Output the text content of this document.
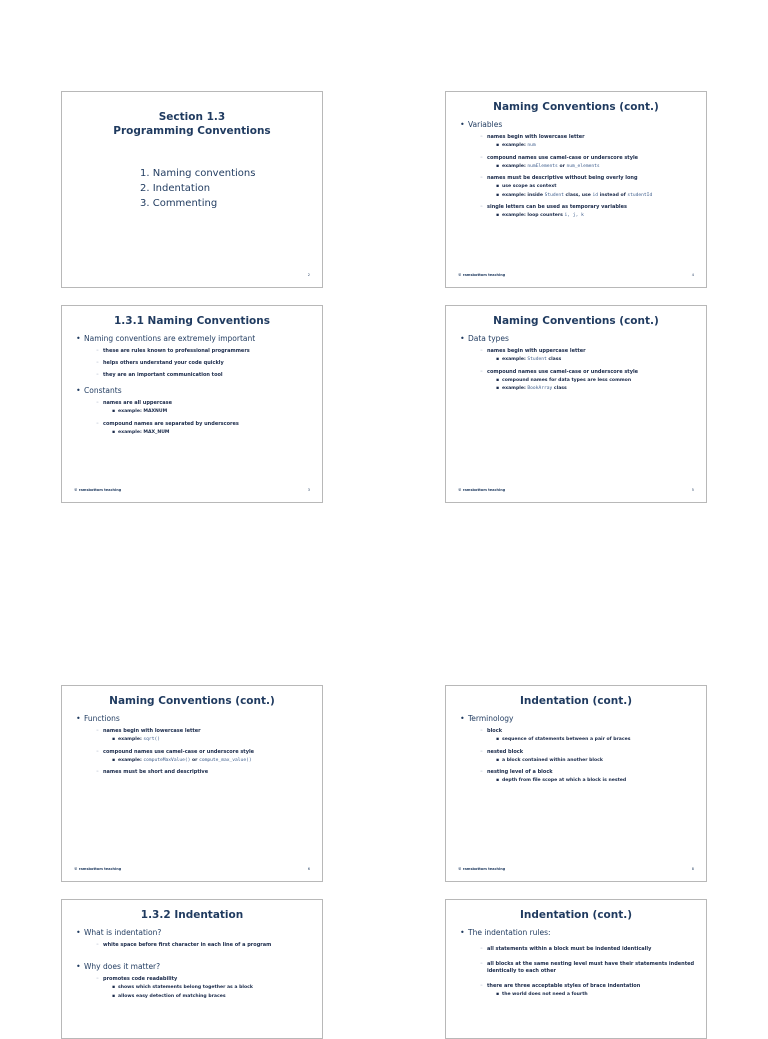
Section 1.3
Programming Conventions
1. Naming conventions
2. Indentation
3. Commenting
2
Naming Conventions (cont.)
• Variables
◦ names begin with lowercase letter
▪ example: num
◦ compound names use camel-case or underscore style
▪ example: numElements or num_elements
◦ names must be descriptive without being overly long
▪ use scope as context
▪ example: inside Student class, use id instead of studentId
◦ single letters can be used as temporary variables
▪ example: loop counters i, j, k
© ramsbottom teaching	4
1.3.1 Naming Conventions
• Naming conventions are extremely important
◦ these are rules known to professional programmers
◦ helps others understand your code quickly
◦ they are an important communication tool
• Constants
◦ names are all uppercase
▪ example: MAXNUM
◦ compound names are separated by underscores
▪ example: MAX_NUM
© ramsbottom teaching	3
Naming Conventions (cont.)
• Data types
◦ names begin with uppercase letter
▪ example: Student class
◦ compound names use camel-case or underscore style
▪ compound names for data types are less common
▪ example: BookArray class
© ramsbottom teaching	5
Naming Conventions (cont.)
• Functions
◦ names begin with lowercase letter
▪ example: sqrt()
◦ compound names use camel-case or underscore style
▪ example: computeMaxValue() or compute_max_value()
◦ names must be short and descriptive
© ramsbottom teaching	6
Indentation (cont.)
• Terminology
◦ block
▪ sequence of statements between a pair of braces
◦ nested block
▪ a block contained within another block
◦ nesting level of a block
▪ depth from file scope at which a block is nested
© ramsbottom teaching	8
1.3.2 Indentation
• What is indentation?
◦ white space before first character in each line of a program
• Why does it matter?
◦ promotes code readability
▪ shows which statements belong together as a block
▪ allows easy detection of matching braces
Indentation (cont.)
• The indentation rules:
◦ all statements within a block must be indented identically
◦ all blocks at the same nesting level must have their statements indented identically to each other
◦ there are three acceptable styles of brace indentation
▪ the world does not need a fourth
